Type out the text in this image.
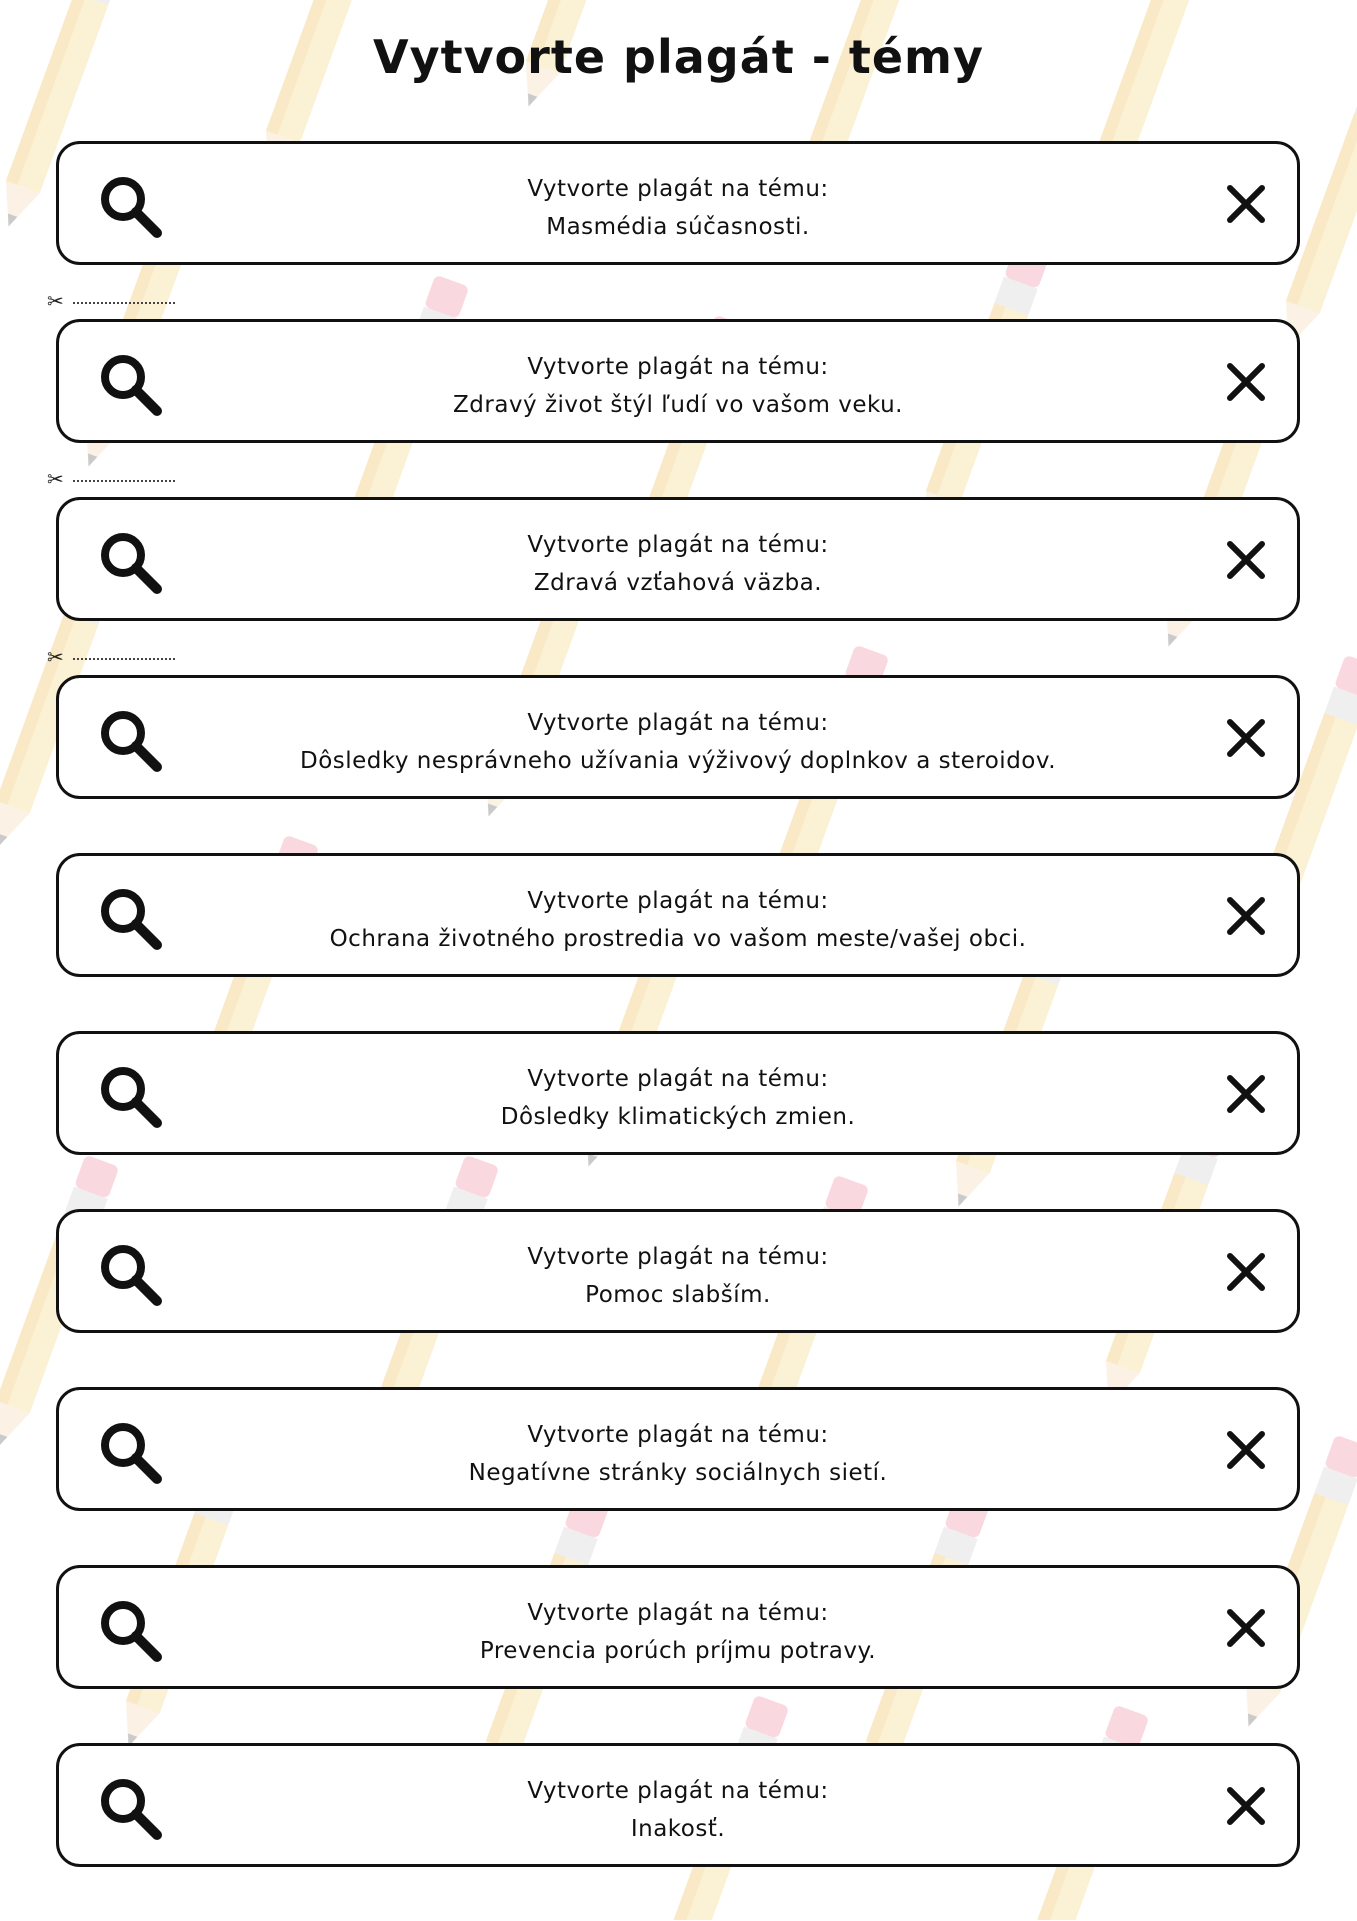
Vytvorte plagát - témy
Vytvorte plagát na tému:
Masmédia súčasnosti.
✂
Vytvorte plagát na tému:
Zdravý život štýl ľudí vo vašom veku.
✂
Vytvorte plagát na tému:
Zdravá vzťahová väzba.
✂
Vytvorte plagát na tému:
Dôsledky nesprávneho užívania výživový doplnkov a steroidov.
Vytvorte plagát na tému:
Ochrana životného prostredia vo vašom meste/vašej obci.
Vytvorte plagát na tému:
Dôsledky klimatických zmien.
Vytvorte plagát na tému:
Pomoc slabším.
Vytvorte plagát na tému:
Negatívne stránky sociálnych sietí.
Vytvorte plagát na tému:
Prevencia porúch príjmu potravy.
Vytvorte plagát na tému:
Inakosť.
